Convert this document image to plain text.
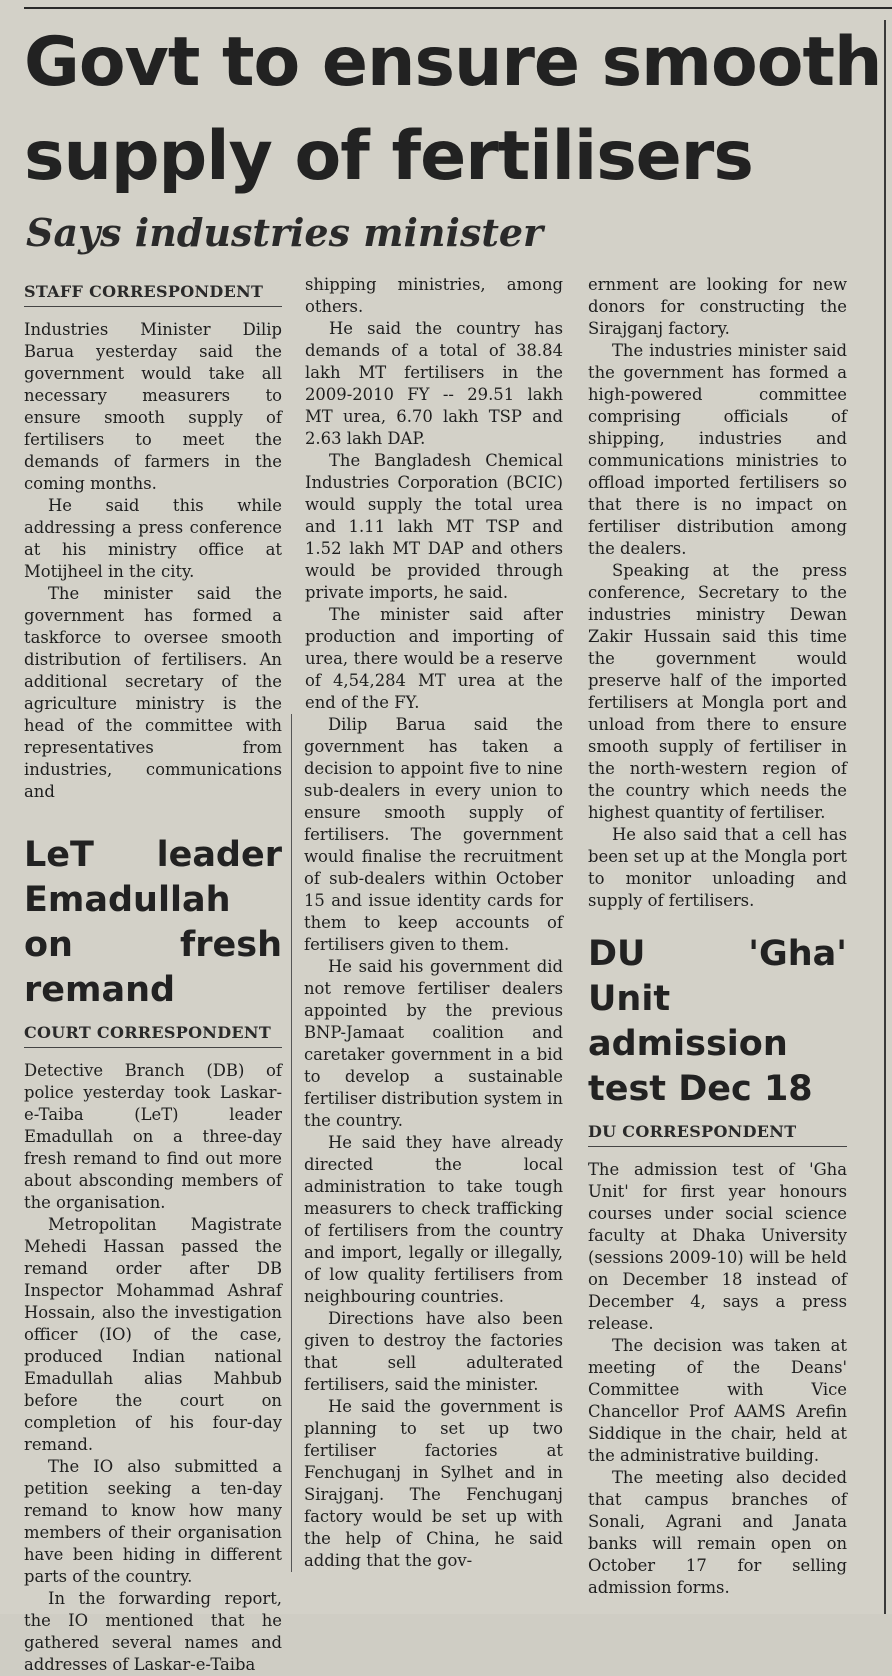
Govt to ensure smooth supply of fertilisers
Says industries minister
STAFF CORRESPONDENT

Industries Minister Dilip Barua yesterday said the government would take all necessary measurers to ensure smooth supply of fertilisers to meet the demands of farmers in the coming months.

He said this while addressing a press conference at his ministry office at Motijheel in the city.

The minister said the government has formed a taskforce to oversee smooth distribution of fertilisers. An additional secretary of the agriculture ministry is the head of the committee with representatives from industries, communications and

LeT leader Emadullah on fresh remand
COURT CORRESPONDENT

Detective Branch (DB) of police yesterday took Laskar-e-Taiba (LeT) leader Emadullah on a three-day fresh remand to find out more about absconding members of the organisation.

Metropolitan Magistrate Mehedi Hassan passed the remand order after DB Inspector Mohammad Ashraf Hossain, also the investigation officer (IO) of the case, produced Indian national Emadullah alias Mahbub before the court on completion of his four-day remand.

The IO also submitted a petition seeking a ten-day remand to know how many members of their organisation have been hiding in different parts of the country.

In the forwarding report, the IO mentioned that he gathered several names and addresses of Laskar-e-Taiba

shipping ministries, among others.

He said the country has demands of a total of 38.84 lakh MT fertilisers in the 2009-2010 FY -- 29.51 lakh MT urea, 6.70 lakh TSP and 2.63 lakh DAP.

The Bangladesh Chemical Industries Corporation (BCIC) would supply the total urea and 1.11 lakh MT TSP and 1.52 lakh MT DAP and others would be provided through private imports, he said.

The minister said after production and importing of urea, there would be a reserve of 4,54,284 MT urea at the end of the FY.

Dilip Barua said the government has taken a decision to appoint five to nine sub-dealers in every union to ensure smooth supply of fertilisers. The government would finalise the recruitment of sub-dealers within October 15 and issue identity cards for them to keep accounts of fertilisers given to them.

He said his government did not remove fertiliser dealers appointed by the previous BNP-Jamaat coalition and caretaker government in a bid to develop a sustainable fertiliser distribution system in the country.

He said they have already directed the local administration to take tough measurers to check trafficking of fertilisers from the country and import, legally or illegally, of low quality fertilisers from neighbouring countries.

Directions have also been given to destroy the factories that sell adulterated fertilisers, said the minister.

He said the government is planning to set up two fertiliser factories at Fenchuganj in Sylhet and in Sirajganj. The Fenchuganj factory would be set up with the help of China, he said adding that the gov-

ernment are looking for new donors for constructing the Sirajganj factory.

The industries minister said the government has formed a high-powered committee comprising officials of shipping, industries and communications ministries to offload imported fertilisers so that there is no impact on fertiliser distribution among the dealers.

Speaking at the press conference, Secretary to the industries ministry Dewan Zakir Hussain said this time the government would preserve half of the imported fertilisers at Mongla port and unload from there to ensure smooth supply of fertiliser in the north-western region of the country which needs the highest quantity of fertiliser.

He also said that a cell has been set up at the Mongla port to monitor unloading and supply of fertilisers.

DU 'Gha' Unit admission test Dec 18
DU CORRESPONDENT

The admission test of 'Gha Unit' for first year honours courses under social science faculty at Dhaka University (sessions 2009-10) will be held on December 18 instead of December 4, says a press release.

The decision was taken at meeting of the Deans' Committee with Vice Chancellor Prof AAMS Arefin Siddique in the chair, held at the administrative building.

The meeting also decided that campus branches of Sonali, Agrani and Janata banks will remain open on October 17 for selling admission forms.
